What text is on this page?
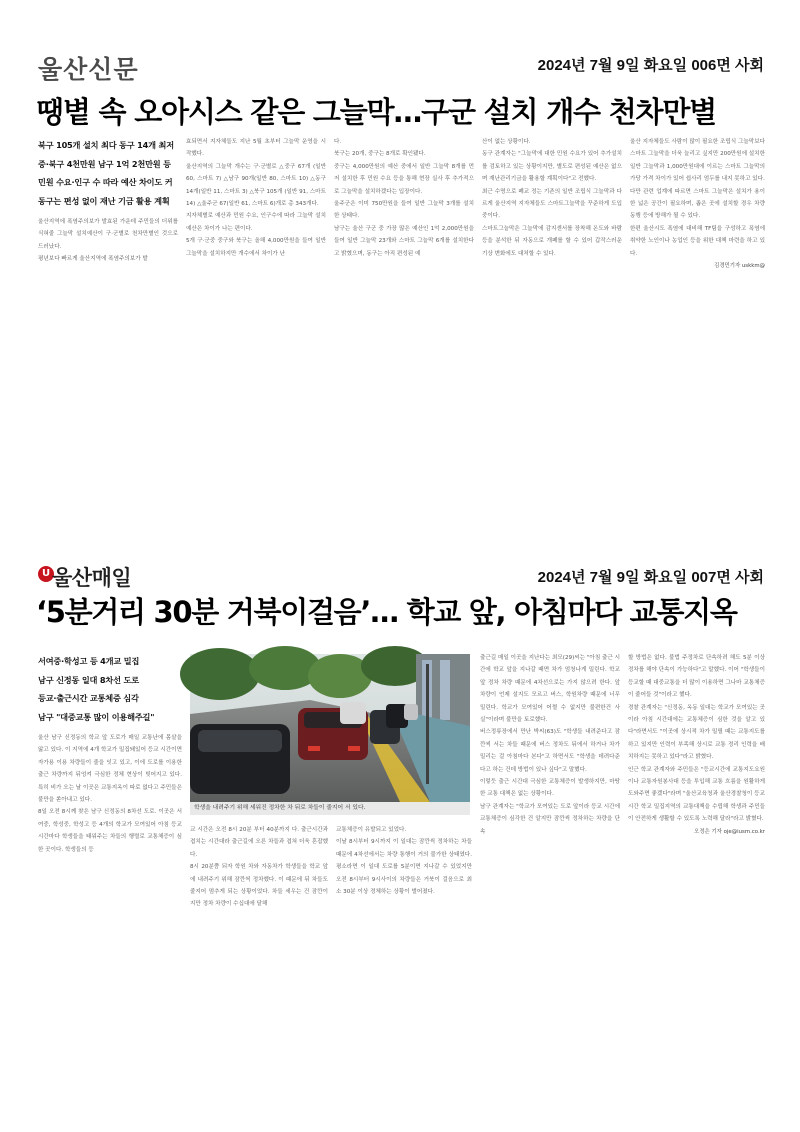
울산신문	2024년 7월 9일 화요일 006면 사회
땡볕 속 오아시스 같은 그늘막…구군 설치 개수 천차만별
북구 105개 설치 최다 동구 14개 최저
중·북구 4천만원 남구 1억 2천만원 등
민원 수요·인구 수 따라 예산 차이도 커
동구는 편성 없이 재난 기금 활용 계획

울산지역에 폭염주의보가 발효된 가운데 주민들의 더위를 식혀줄 그늘막 설치예산이 구·군별로 천차만별인 것으로 드러났다.

평년보다 빠르게 울산지역에 폭염주의보가 발

효되면서 지자체들도 지난 5월 초부터 그늘막 운영을 시작했다.

울산지역의 그늘막 개수는 구·군별로 △중구 67개 (일반 60, 스마트 7) △남구 90개(일반 80, 스마트 10) △동구 14개(일반 11, 스마트 3) △북구 105개 (일반 91, 스마트 14) △울주군 67(일반 61, 스마트 6)개로 총 343개다.

지자체별로 예산과 민원 수요, 인구수에 따라 그늘막 설치예산은 차이가 나는 편이다.

5개 구·군중 중구와 북구는 올해 4,000만원을 들여 일반 그늘막을 설치하지만 개수에서 차이가 난

다.

북구는 20개, 중구는 8개로 확인됐다.

중구는 4,000만원의 예산 중에서 일반 그늘막 8개를 먼저 설치한 후 민원 수요 등을 통해 현장 실사 후 추가적으로 그늘막을 설치하겠다는 입장이다.

울주군은 이미 750만원을 들여 일반 그늘막 3개를 설치한 상태다.

남구는 울산 구군 중 가장 많은 예산인 1억 2,000만원을 들여 일반 그늘막 23개와 스마트 그늘막 6개를 설치한다고 밝혔으며, 동구는 아직 편성된 예

산이 없는 상황이다.

동구 관계자는 "그늘막에 대한 민원 수요가 있어 추가설치를 검토하고 있는 상황이지만, 별도로 편성된 예산은 없으며 재난관리기금을 활용할 계획이다"고 전했다.

최근 수명으로 폐교 정는 기존의 일반 조립식 그늘막과 다르게 울산지역 지자체들도 스마트그늘막을 꾸준하게 도입 중이다.

스마트그늘막은 그늘막에 감지센서를 장착해 온도와 바람 등을 분석한 뒤 자동으로 개폐를 할 수 있어 갑작스러운 기상 변화에도 대처할 수 있다.

울산 지자체들도 사람이 많이 필요한 조립식 그늘막보다 스마트 그늘막을 더욱 늘리고 싶지만 200만원에 설치한 일반 그늘막과 1,000만원대에 이르는 스마트 그늘막의 가당 가격 차이가 있어 쉽사리 엄두를 내지 못하고 있다.

다만 관련 업계에 따르면 스마트 그늘막은 설치가 용이한 넓은 공간이 필요하며, 좁은 곳에 설치할 경우 차량 동행 등에 방해가 될 수 있다.

한편 울산시도 폭염에 대비해 TF팀을 구성하고 폭염에 취약한 노인이나 농업인 등을 위한 대책 마련을 하고 있다.

김경민기자 uskkm@
U 울산매일	2024년 7월 9일 화요일 007면 사회
‘5분거리 30분 거북이걸음’… 학교 앞, 아침마다 교통지옥
학생을 내려주기 위해 세워진 정차한 차 뒤로 차들이 줄지어 서 있다.
서여중·학성고 등 4개교 밀집
남구 신정동 일대 8차선 도로
등교·출근시간 교통체증 심각
남구 "대중교통 많이 이용해주길"

울산 남구 신정동의 학교 앞 도로가 매일 교통난에 몸살을 앓고 있다. 이 지역에 4개 학교가 밀집돼있어 등교 시간이면 자가용 이용 차량들이 줄을 잇고 있고, 이에 도로를 이용한 출근 차량까지 뒤엉켜 극심한 정체 현상이 빚어지고 있다. 특히 비가 오는 날 이곳은 교통지옥이 따로 없다고 주민들은 불만을 쏟아내고 있다.

8일 오전 8시께 찾은 남구 신정동의 8차선 도로. 이곳은 서여중, 학성중, 학성고 등 4개의 학교가 모여있어 아침 등교 시간마다 학생들을 태워주는 차들의 행렬로 교통체증이 심한 곳이다. 학생들의 등

교 시간은 오전 8시 20분 부터 40분까지 다. 출근시간과 겹치는 시간대라 출근길에 오른 차들과 겹쳐 더욱 혼잡했다.

8시 20분쯤 되자 학원 차와 자동차가 학생들을 학교 앞에 내려주기 위해 잠깐씩 정차했다. 이 때문에 뒤 차들도 줄지어 멈추게 되는 상황이었다. 차들 세우는 건 잠깐이지만 정차 차량이 수십대에 달해

교통체증이 유발되고 있었다.

이날 8시부터 9시까지 이 일대는 잠깐씩 정차하는 차들 때문에 4차선에서는 차량 통행이 거의 불가한 상태였다. 평소라면 이 일대 도로를 5분이면 지나갈 수 있었지만 오전 8시부터 9시사이의 차량들은 거북이 걸음으로 최소 30분 이상 정체하는 상황이 벌어졌다.

출근길 매일 이곳을 지난다는 최모(29)씨는 "아침 출근 시간에 학교 앞을 지나갈 때면 차가 엄청나게 밀린다. 학교 앞 정차 차량 때문에 4차선으로는 가지 않으려 한다. 앞 차량이 언제 설지도 모르고 버스, 학원차량 때문에 너무 밀린다. 학교가 모여있어 어쩔 수 없지만 불편한건 사실"이라며 불만을 토로했다.

버스정류장에서 만난 박씨(63)도 "학생들 내려준다고 잠깐씩 서는 차들 때문에 버스 정차도 뒤에서 하거나 차가 밀리는 걸 아침마다 본다"고 하면서도 "학생을 데려다준다고 하는 건데 방법이 있나 싶다"고 말했다.

이렇듯 출근 시간대 극심한 교통체증이 발생하지만, 마땅한 교통 대책은 없는 상황이다.

남구 관계자는 "학교가 모여있는 도로 앞이라 등교 시간에 교통체증이 심각한 건 알지만 잠깐씩 정차하는 차량을 단속

할 방법은 없다. 불법 주정차로 단속하려 해도 5분 이상 정차를 해야 단속이 가능하다"고 말했다. 이어 "학생들이 등교할 때 대중교통을 더 많이 이용하면 그나마 교통체증이 줄어들 것"이라고 했다.

경찰 관계자는 "신정동, 옥동 일대는 학교가 모여있는 곳이라 아침 시간대에는 교통체증이 심한 것을 알고 있다"라면서도 "이곳에 상시적 차가 밀릴 때는 교통지도를 하고 있지만 인력이 부족해 상시로 교통 정리 인력을 배치하지는 못하고 있다"라고 밝혔다.

인근 학교 관계자와 주민들은 "등교시간에 교통지도요원이나 교통자원봉사대 등을 투입해 교통 흐름을 원활하게 도와주면 좋겠다"라며 "울산교육청과 울산경찰청이 등교 시간 학교 밀집지역의 교통대책을 수립해 학생과 주민들이 안전하게 생활할 수 있도록 노력해 달라"라고 밝혔다.

오정은 기자 oje@iusm.co.kr
